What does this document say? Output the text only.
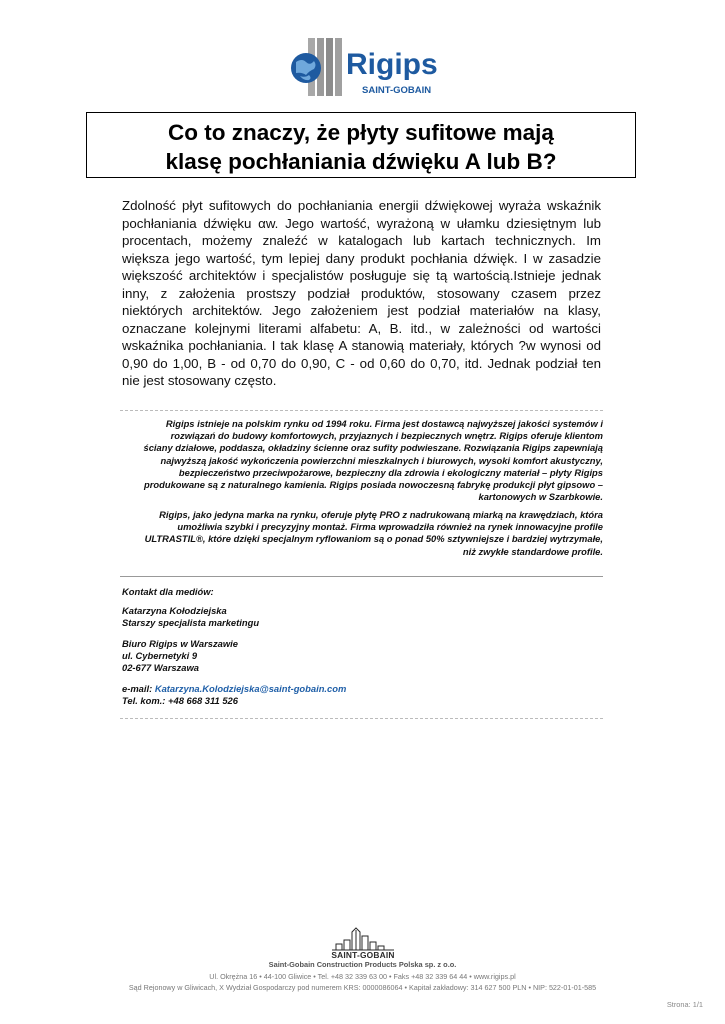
Rigips
SAINT-GOBAIN
Co to znaczy, że płyty sufitowe mają
klasę pochłaniania dźwięku A lub B?
Zdolność płyt sufitowych do pochłaniania energii dźwiękowej wyraża wskaźnik
pochłaniania dźwięku αw. Jego wartość, wyrażoną w ułamku dziesiętnym lub
procentach, możemy znaleźć w katalogach lub kartach technicznych. Im
większa jego wartość, tym lepiej dany produkt pochłania dźwięk. I w zasadzie
większość architektów i specjalistów posługuje się tą wartością.Istnieje jednak
inny, z założenia prostszy podział produktów, stosowany czasem przez
niektórych architektów. Jego założeniem jest podział materiałów na klasy,
oznaczane kolejnymi literami alfabetu: A, B. itd., w zależności od wartości
wskaźnika pochłaniania. I tak klasę A stanowią materiały, których ?w wynosi od
0,90 do 1,00, B - od 0,70 do 0,90, C - od 0,60 do 0,70, itd. Jednak podział ten
nie jest stosowany często.
Rigips istnieje na polskim rynku od 1994 roku. Firma jest dostawcą najwyższej jakości systemów i
rozwiązań do budowy komfortowych, przyjaznych i bezpiecznych wnętrz. Rigips oferuje klientom
ściany działowe, poddasza, okładziny ścienne oraz sufity podwieszane. Rozwiązania Rigips zapewniają
najwyższą jakość wykończenia powierzchni mieszkalnych i biurowych, wysoki komfort akustyczny,
bezpieczeństwo przeciwpożarowe, bezpieczny dla zdrowia i ekologiczny materiał – płyty Rigips
produkowane są z naturalnego kamienia. Rigips posiada nowoczesną fabrykę produkcji płyt gipsowo –
kartonowych w Szarbkowie.
Rigips, jako jedyna marka na rynku, oferuje płytę PRO z nadrukowaną miarką na krawędziach, która
umożliwia szybki i precyzyjny montaż. Firma wprowadziła również na rynek innowacyjne profile
ULTRASTIL®, które dzięki specjalnym ryflowaniom są o ponad 50% sztywniejsze i bardziej wytrzymałe,
niż zwykłe standardowe profile.
Kontakt dla mediów:
Katarzyna Kołodziejska
Starszy specjalista marketingu
Biuro Rigips w Warszawie
ul. Cybernetyki 9
02-677 Warszawa
e-mail: Katarzyna.Kolodziejska@saint-gobain.com
Tel. kom.: +48 668 311 526
SAINT-GOBAIN
Saint-Gobain Construction Products Polska sp. z o.o.
Ul. Okrężna 16 • 44-100 Gliwice • Tel. +48 32 339 63 00 • Faks +48 32 339 64 44 • www.rigips.pl
Sąd Rejonowy w Gliwicach, X Wydział Gospodarczy pod numerem KRS: 0000086064 • Kapitał zakładowy: 314 627 500 PLN • NIP: 522-01-01-585
Strona: 1/1
